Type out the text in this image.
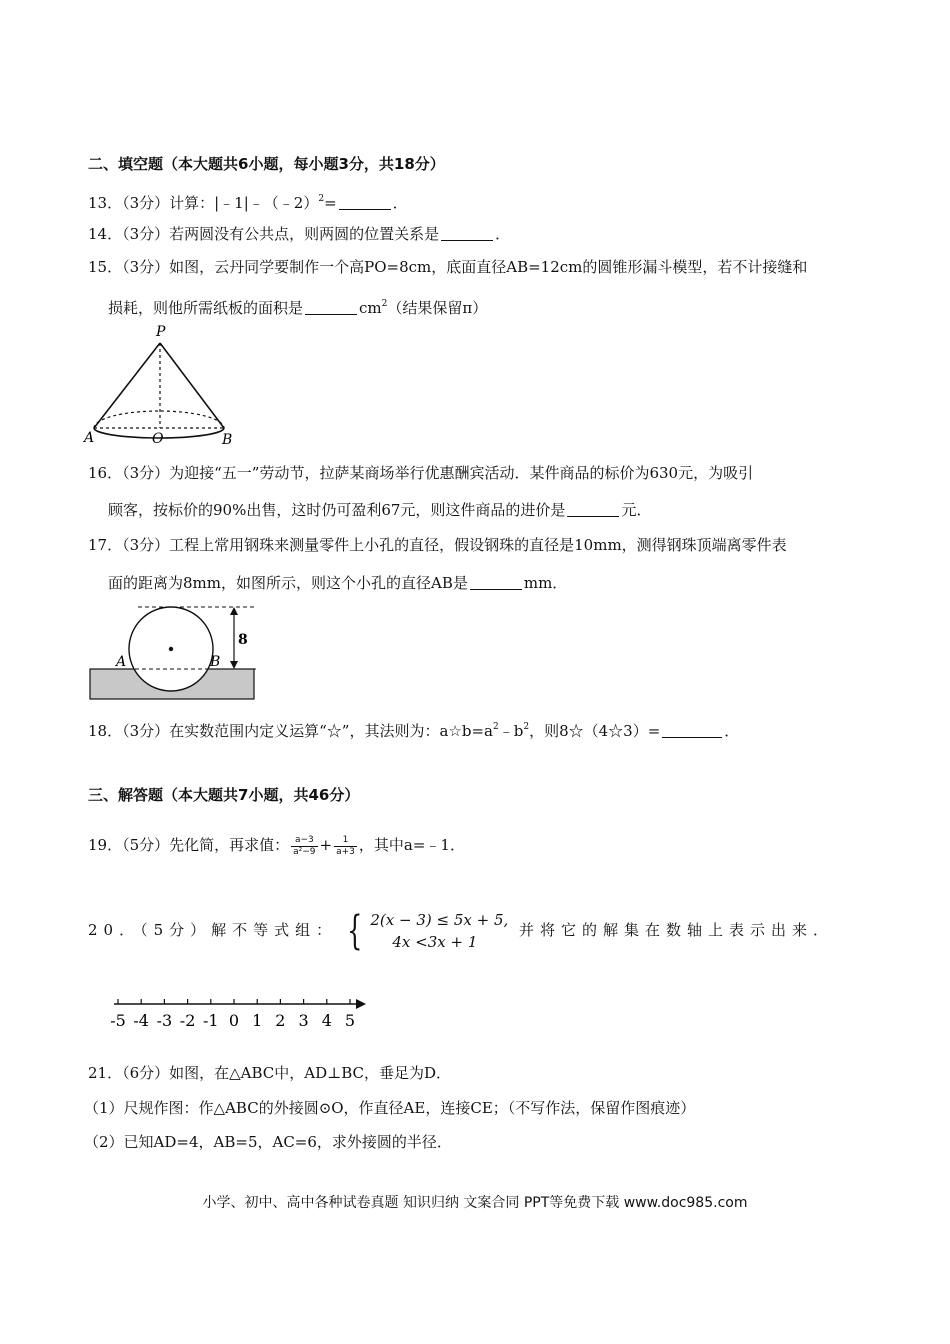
二、填空题（本大题共6小题，每小题3分，共18分）
13．（3分）计算：|﹣1|﹣（﹣2）$^2$=	．
14．（3分）若两圆没有公共点，则两圆的位置关系是	．
15．（3分）如图，云丹同学要制作一个高PO=8cm，底面直径AB=12cm的圆锥形漏斗模型，若不计接缝和
损耗，则他所需纸板的面积是	$cm^2$（结果保留π）
P
O
A	B
16．（3分）为迎接“五一”劳动节，拉萨某商场举行优惠酬宾活动．某件商品的标价为630元，为吸引
顾客，按标价的90%出售，这时仍可盈利67元，则这件商品的进价是	元．
17．（3分）工程上常用钢珠来测量零件上小孔的直径，假设钢珠的直径是10mm，测得钢珠顶端离零件表
面的距离为8mm，如图所示，则这个小孔的直径AB是	mm．
8
A	B
18．（3分）在实数范围内定义运算“☆”，其法则为：$a☆b=a^2﹣b^2$，则8☆（4☆3）=	．
三、解答题（本大题共7小题，共46分）
19．（5分）先化简，再求值： $\frac{a-3}{\text{a²−9}} + \frac{1}{a+3}$ ，其中a=﹣1．
20．（5分）解不等式组： { 2(x − 3) ≤ 5x + 5,
4x <3x + 1
并将它的解集在数轴上表示出来．
-5 -4 -3 -2 -1 0 1 2 3 4 5
21．（6分）如图，在△ABC中，AD⊥BC，垂足为D．
（1）尺规作图：作△ABC的外接圆⊙O，作直径AE，连接CE；（不写作法，保留作图痕迹）
（2）已知AD=4，AB=5，AC=6，求外接圆的半径．
小学、初中、高中各种试卷真题 知识归纳 文案合同 PPT等免费下载 www.doc985.com
